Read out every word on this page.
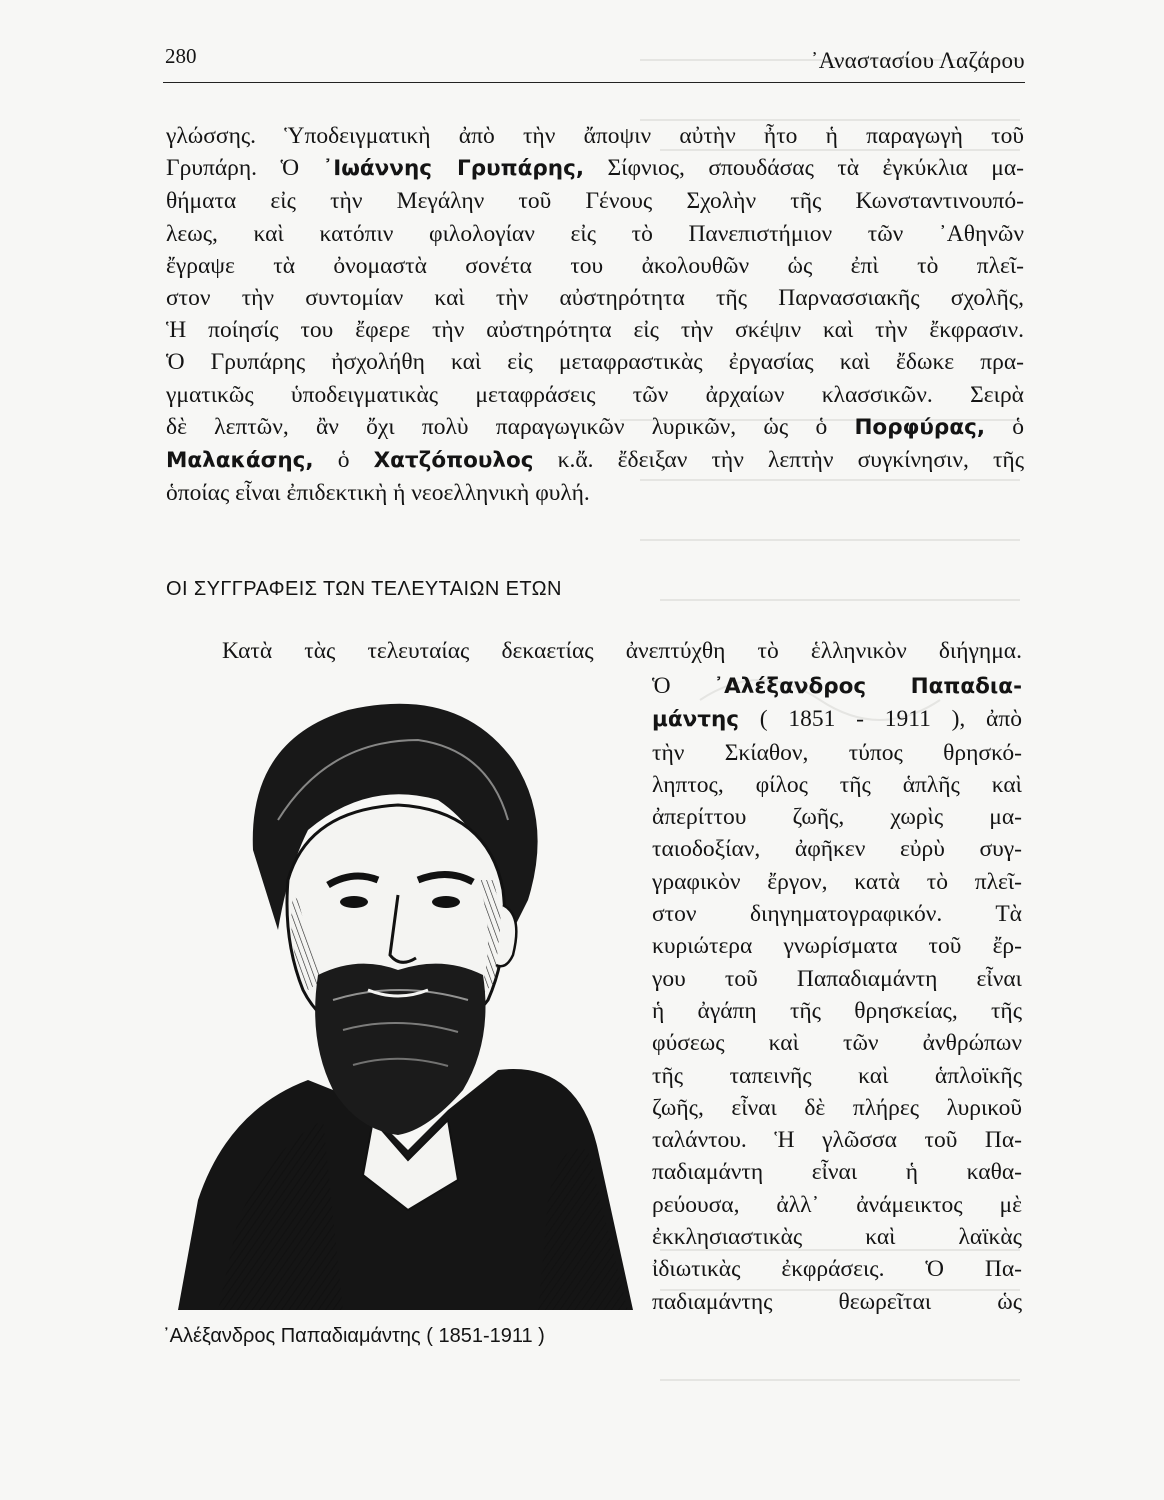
280	᾿Αναστασίου Λαζάρου
γλώσσης. Ὑποδειγματικὴ ἀπὸ τὴν ἄποψιν αὐτὴν ἦτο ἡ παραγωγὴ τοῦ
Γρυπάρη. Ὁ ᾿Ιωάννης Γρυπάρης, Σίφνιος, σπουδάσας τὰ ἐγκύκλια μα-
θήματα εἰς τὴν Μεγάλην τοῦ Γένους Σχολὴν τῆς Κωνσταντινουπό-
λεως, καὶ κατόπιν φιλολογίαν εἰς τὸ Πανεπιστήμιον τῶν ᾿Αθηνῶν
ἔγραψε τὰ ὀνομαστὰ σονέτα του ἀκολουθῶν ὡς ἐπὶ τὸ πλεῖ-
στον τὴν συντομίαν καὶ τὴν αὐστηρότητα τῆς Παρνασσιακῆς σχολῆς,
Ἡ ποίησίς του ἔφερε τὴν αὐστηρότητα εἰς τὴν σκέψιν καὶ τὴν ἔκφρασιν.
Ὁ Γρυπάρης ἠσχολήθη καὶ εἰς μεταφραστικὰς ἐργασίας καὶ ἔδωκε πρα-
γματικῶς ὑποδειγματικὰς μεταφράσεις τῶν ἀρχαίων κλασσικῶν. Σειρὰ
δὲ λεπτῶν, ἂν ὄχι πολὺ παραγωγικῶν λυρικῶν, ὡς ὁ Πορφύρας, ὁ
Μαλακάσης, ὁ Χατζόπουλος κ.ἄ. ἔδειξαν τὴν λεπτὴν συγκίνησιν, τῆς
ὁποίας εἶναι ἐπιδεκτικὴ ἡ νεοελληνικὴ φυλή.
ΟΙ ΣΥΓΓΡΑΦΕΙΣ ΤΩΝ ΤΕΛΕΥΤΑΙΩΝ ΕΤΩΝ
Κατὰ τὰς τελευταίας δεκαετίας ἀνεπτύχθη τὸ ἑλληνικὸν διήγημα.
Ὁ ᾿Αλέξανδρος Παπαδια-
μάντης ( 1851 - 1911 ), ἀπὸ
τὴν Σκίαθον, τύπος θρησκό-
ληπτος, φίλος τῆς ἁπλῆς καὶ
ἀπερίττου ζωῆς, χωρὶς μα-
ταιοδοξίαν, ἀφῆκεν εὐρὺ συγ-
γραφικὸν ἔργον, κατὰ τὸ πλεῖ-
στον διηγηματογραφικόν. Τὰ
κυριώτερα γνωρίσματα τοῦ ἔρ-
γου τοῦ Παπαδιαμάντη εἶναι
ἡ ἀγάπη τῆς θρησκείας, τῆς
φύσεως καὶ τῶν ἀνθρώπων
τῆς ταπεινῆς καὶ ἁπλοϊκῆς
ζωῆς, εἶναι δὲ πλήρες λυρικοῦ
ταλάντου. Ἡ γλῶσσα τοῦ Πα-
παδιαμάντη εἶναι ἡ καθα-
ρεύουσα, ἀλλ᾿ ἀνάμεικτος μὲ
ἐκκλησιαστικὰς καὶ λαϊκὰς
ἰδιωτικὰς ἐκφράσεις. Ὁ Πα-
παδιαμάντης θεωρεῖται ὡς
᾿Αλέξανδρος Παπαδιαμάντης ( 1851-1911 )
